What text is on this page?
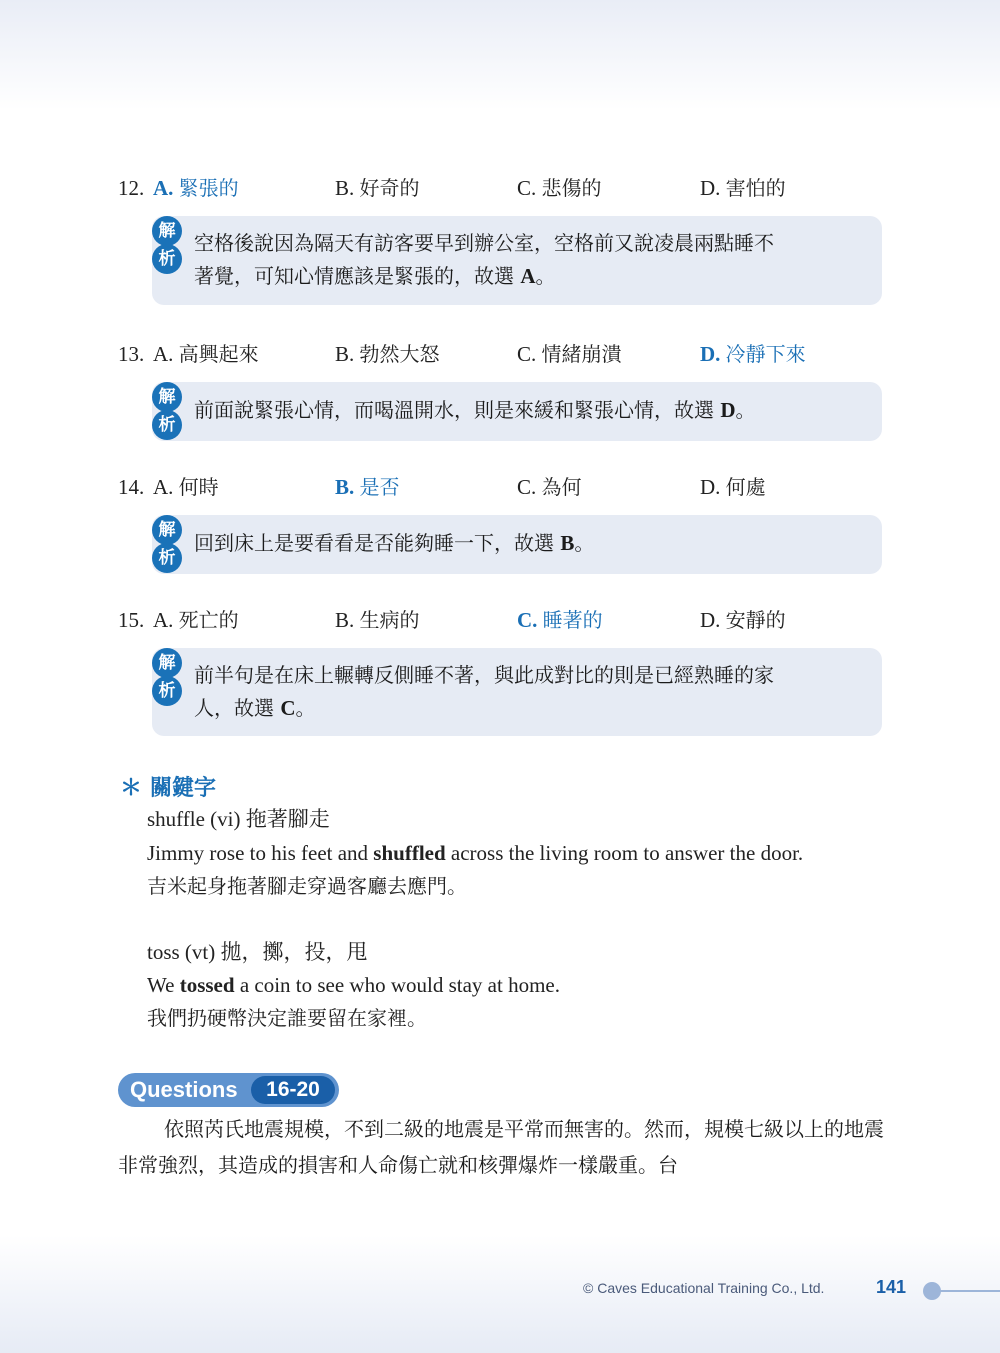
12. A. 緊張的	B. 好奇的	C. 悲傷的	D. 害怕的
解
析
空格後說因為隔天有訪客要早到辦公室，空格前又說凌晨兩點睡不
著覺，可知心情應該是緊張的，故選 A。
13. A. 高興起來	B. 勃然大怒	C. 情緒崩潰	D. 冷靜下來
解
析
前面說緊張心情，而喝溫開水，則是來緩和緊張心情，故選 D。
14. A. 何時	B. 是否	C. 為何	D. 何處
解
析
回到床上是要看看是否能夠睡一下，故選 B。
15. A. 死亡的	B. 生病的	C. 睡著的	D. 安靜的
解
析
前半句是在床上輾轉反側睡不著，與此成對比的則是已經熟睡的家
人，故選 C。
＊ 關鍵字
shuffle (vi) 拖著腳走
Jimmy rose to his feet and shuffled across the living room to answer the door.
吉米起身拖著腳走穿過客廳去應門。
toss (vt) 拋，擲，投，甩
We tossed a coin to see who would stay at home.
我們扔硬幣決定誰要留在家裡。
Questions	16-20
依照芮氏地震規模，不到二級的地震是平常而無害的。然而，規模七級以上的地震非常強烈，其造成的損害和人命傷亡就和核彈爆炸一樣嚴重。台
© Caves Educational Training Co., Ltd.	141
